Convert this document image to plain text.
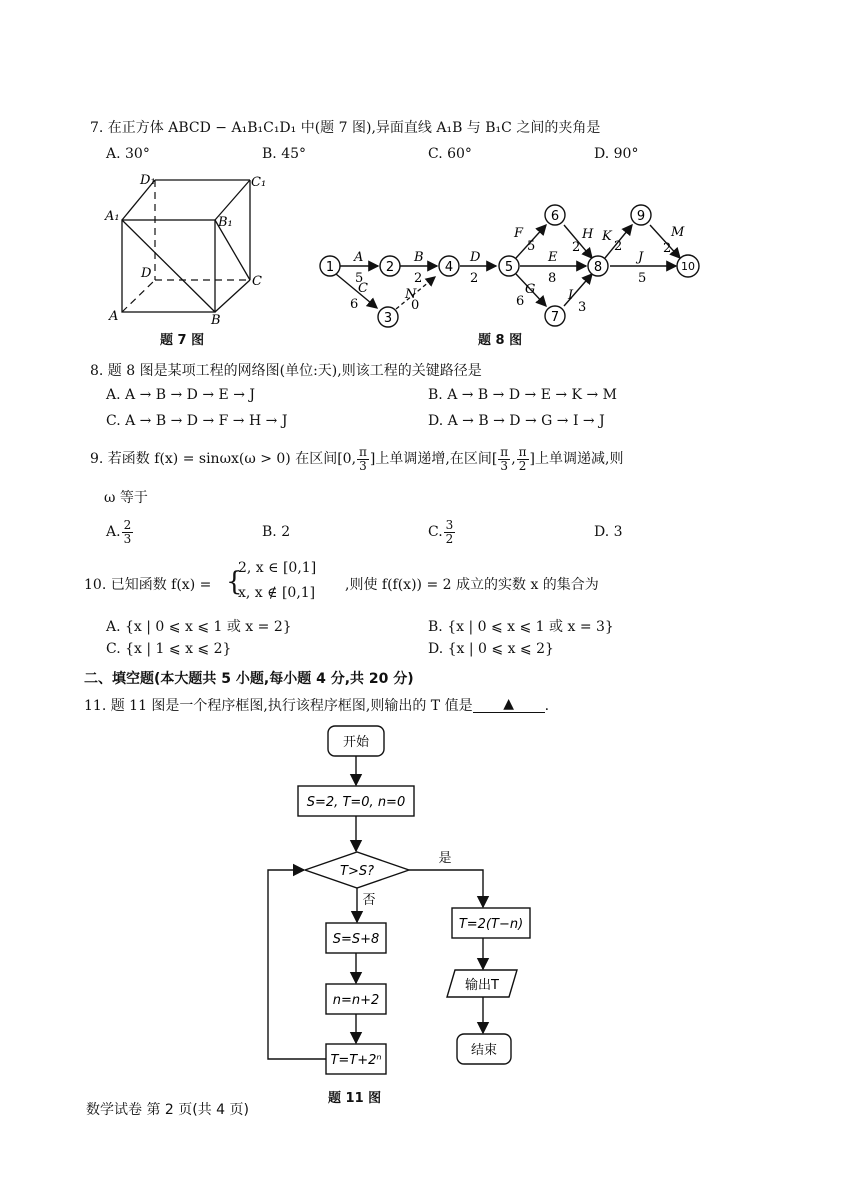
7. 在正方体 ABCD − A₁B₁C₁D₁ 中(题 7 图),异面直线 A₁B 与 B₁C 之间的夹角是
A. 30°	B. 45°	C. 60°	D. 90°
D₁	C₁
A₁	B₁
D
C
A	B
题 7 图
1	2
3
4	5
6
7
8
9
10
A
5
B
2
C
6
N
0
D
2
F
5
E
8
G
6
H
2
I
3
J
5
K
2
M
2
题 8 图
8. 题 8 图是某项工程的网络图(单位:天),则该工程的关键路径是
A. A → B → D → E → J	B. A → B → D → E → K → M
C. A → B → D → F → H → J	D. A → B → D → G → I → J
9. 若函数 f(x) = sinωx(ω > 0) 在区间[0, $\frac{\pi}{3}$ ]上单调递增,在区间[ $\frac{\pi}{3}$ , $\frac{\pi}{2}$ ]上单调递减,则
ω 等于
A. $\frac{2}{3}$	B. 2	C. $\frac{3}{2}$	D. 3
10. 已知函数 f(x) = {
2, x ∈ [0,1]
x, x ∉ [0,1] ,则使 f(f(x)) = 2 成立的实数 x 的集合为
A. {x | 0 ⩽ x ⩽ 1 或 x = 2}	B. {x | 0 ⩽ x ⩽ 1 或 x = 3}
C. {x | 1 ⩽ x ⩽ 2}	D. {x | 0 ⩽ x ⩽ 2}
二、填空题(本大题共 5 小题,每小题 4 分,共 20 分)
11. 题 11 图是一个程序框图,执行该程序框图,则输出的 T 值是 ▲ .
开始
S=2, T=0, n=0
T>S?
是
否
S=S+8
n=n+2
T=T+2ⁿ
T=2(T−n)
输出T
结束
题 11 图
数学试卷 第 2 页(共 4 页)
